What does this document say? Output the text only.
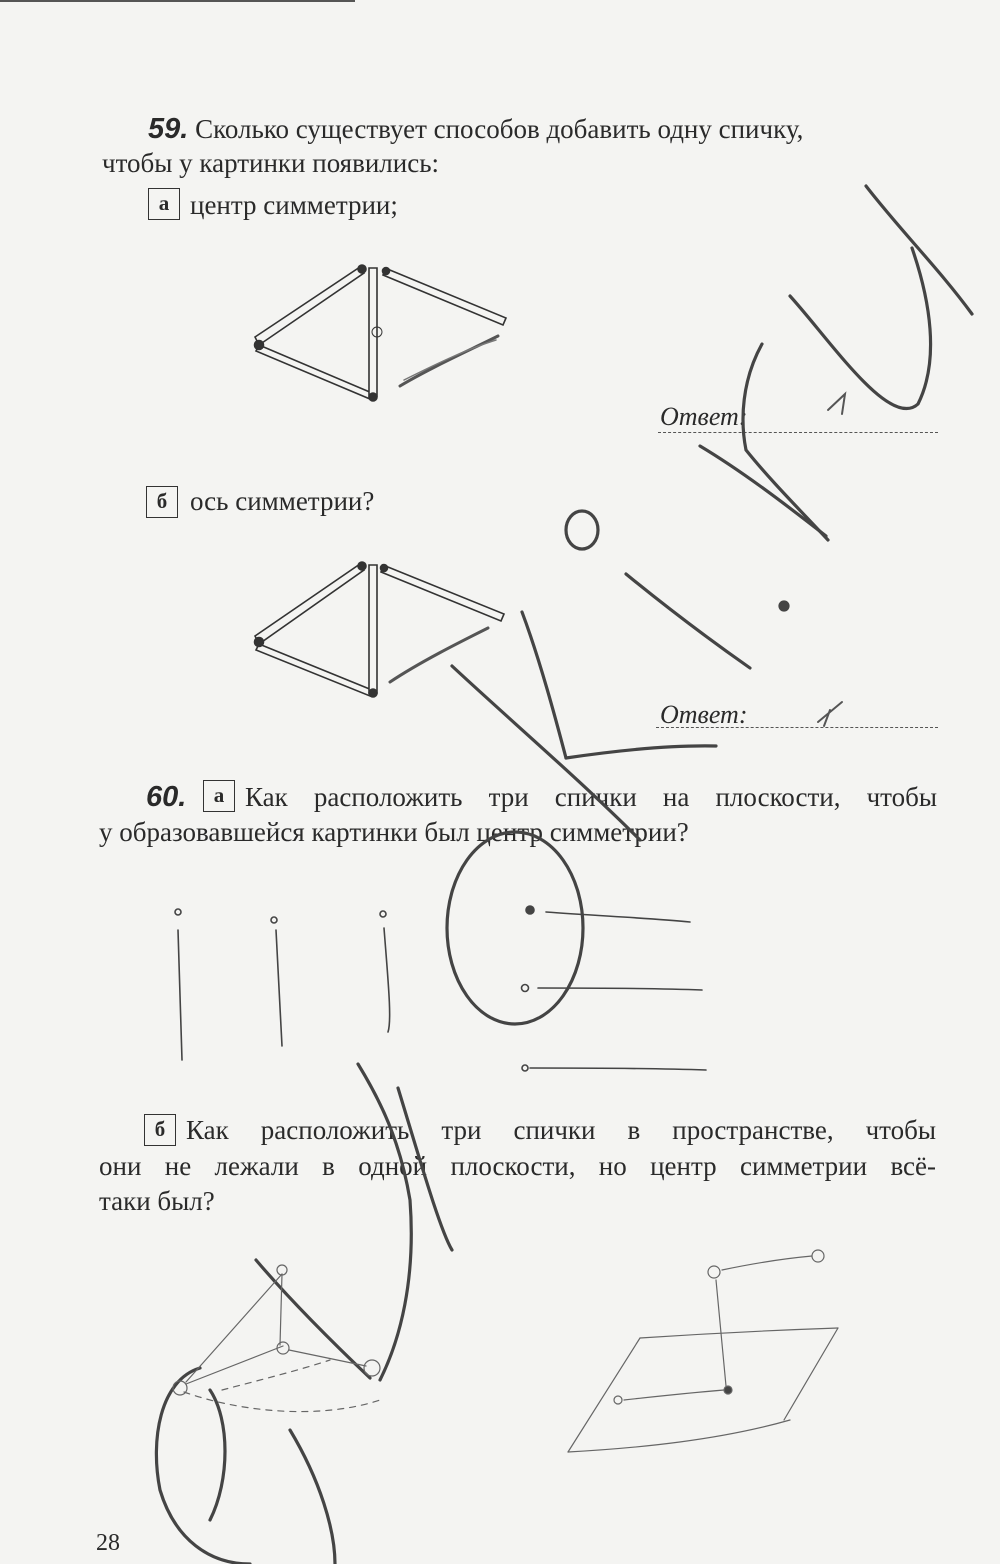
59. Сколько существует способов добавить одну спичку,
чтобы у картинки появились:
а центр симметрии;
Ответ:
б ось симметрии?
Ответ:
60.	а Как расположить три спички на плоскости, чтобы
у образовавшейся картинки был центр симметрии?
б Как расположить три спички в пространстве, чтобы
они не лежали в одной плоскости, но центр симметрии всё-
таки был?
28
